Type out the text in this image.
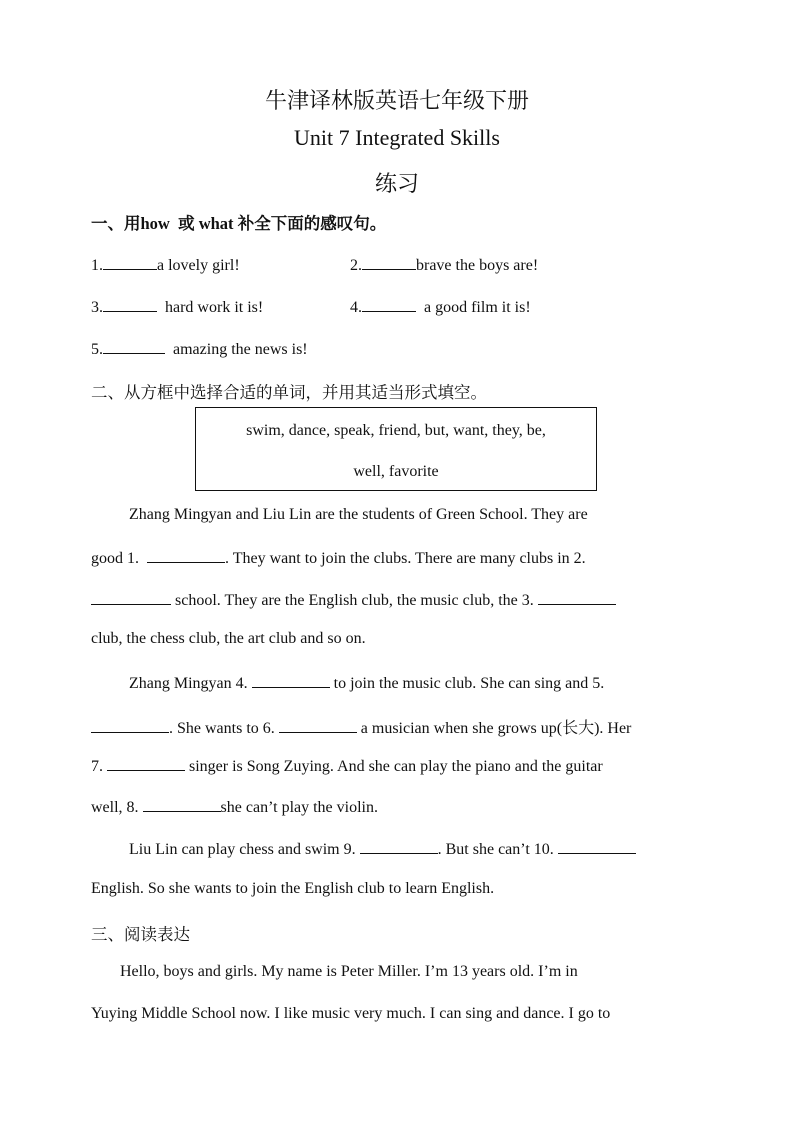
牛津译林版英语七年级下册
Unit 7 Integrated Skills
练习
一、用how 或 what 补全下面的感叹句。
1.	a lovely girl!	2.	brave the boys are!
3.	hard work it is!	4.	a good film it is!
5.	amazing the news is!
二、从方框中选择合适的单词，并用其适当形式填空。
swim, dance, speak, friend, but, want, they, be,
well, favorite
Zhang Mingyan and Liu Lin are the students of Green School. They are
good 1.	. They want to join the clubs. There are many clubs in 2.
school. They are the English club, the music club, the 3.
club, the chess club, the art club and so on.
Zhang Mingyan 4.	to join the music club. She can sing and 5.
. She wants to 6.	a musician when she grows up(长大). Her
7.	singer is Song Zuying. And she can play the piano and the guitar
well, 8.	she can’t play the violin.
Liu Lin can play chess and swim 9.	. But she can’t 10.
English. So she wants to join the English club to learn English.
三、阅读表达
Hello, boys and girls. My name is Peter Miller. I’m 13 years old. I’m in
Yuying Middle School now. I like music very much. I can sing and dance. I go to
